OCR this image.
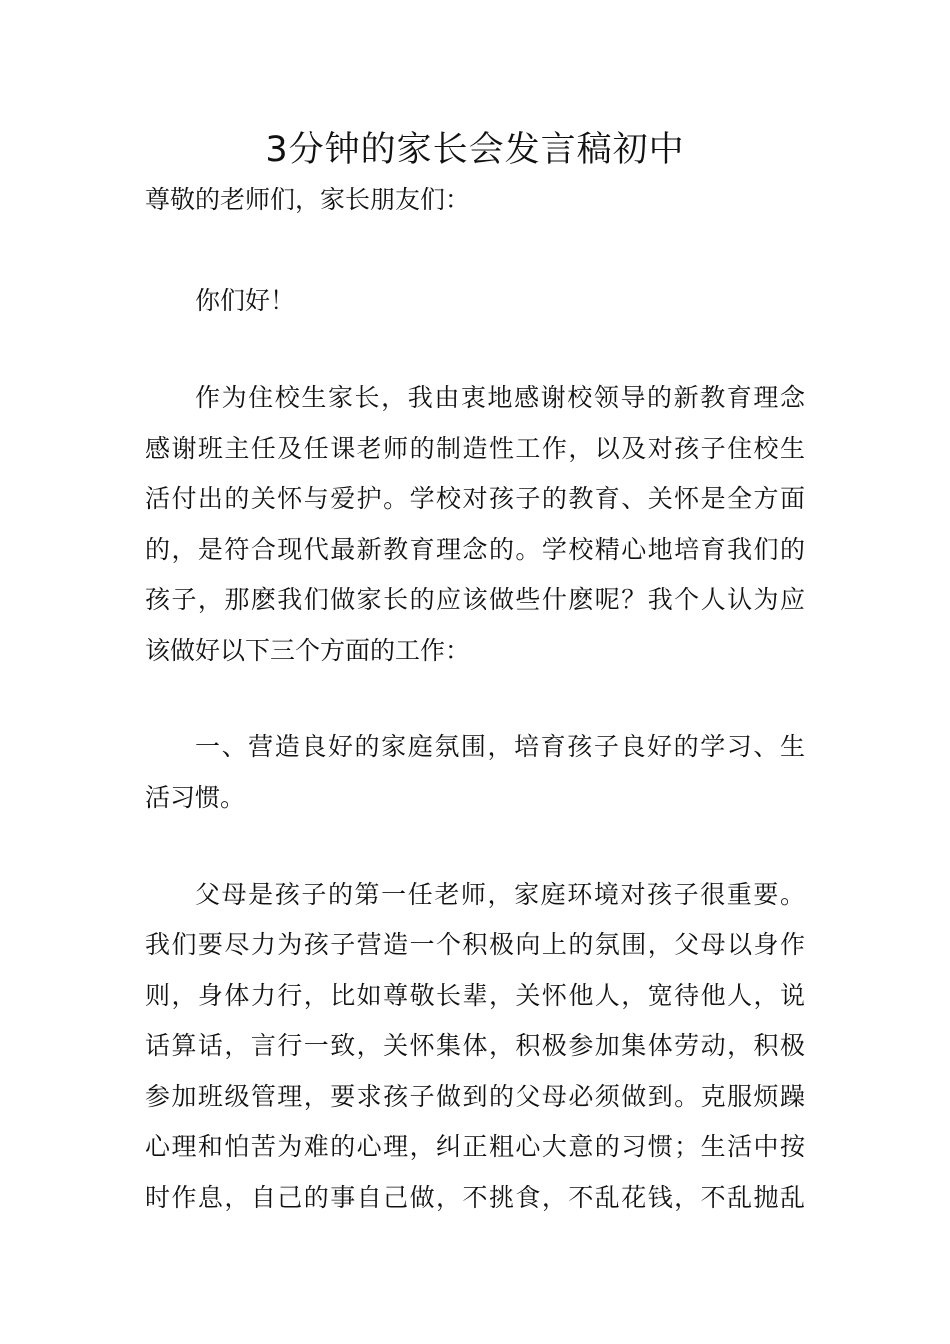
3分钟的家长会发言稿初中
尊敬的老师们，家长朋友们：
你们好！
作为住校生家长，我由衷地感谢校领导的新教育理念
感谢班主任及任课老师的制造性工作，以及对孩子住校生
活付出的关怀与爱护。学校对孩子的教育、关怀是全方面
的，是符合现代最新教育理念的。学校精心地培育我们的
孩子，那麽我们做家长的应该做些什麽呢？我个人认为应
该做好以下三个方面的工作：
一、营造良好的家庭氛围，培育孩子良好的学习、生
活习惯。
父母是孩子的第一任老师，家庭环境对孩子很重要。
我们要尽力为孩子营造一个积极向上的氛围，父母以身作
则，身体力行，比如尊敬长辈，关怀他人，宽待他人，说
话算话，言行一致，关怀集体，积极参加集体劳动，积极
参加班级管理，要求孩子做到的父母必须做到。克服烦躁
心理和怕苦为难的心理，纠正粗心大意的习惯；生活中按
时作息，自己的事自己做，不挑食，不乱花钱，不乱抛乱
